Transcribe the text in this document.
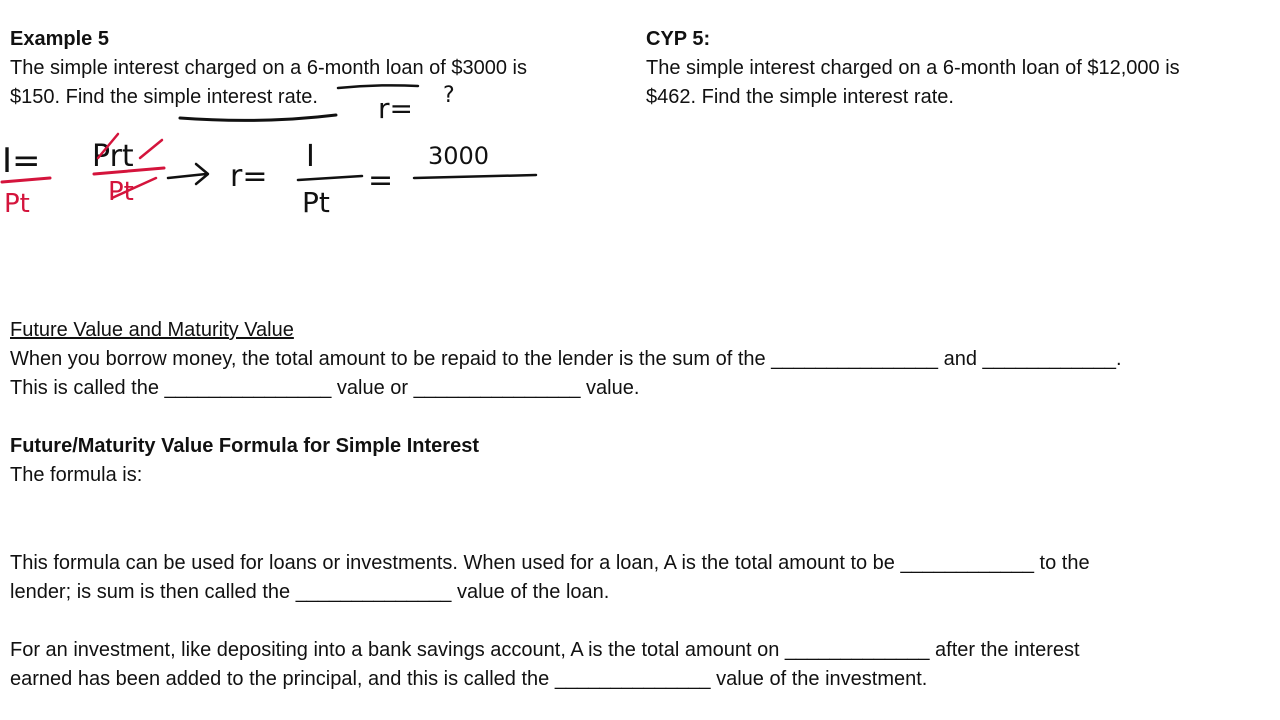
Example 5
The simple interest charged on a 6-month loan of $3000 is
$150. Find the simple interest rate.
CYP 5:
The simple interest charged on a 6-month loan of $12,000 is
$462. Find the simple interest rate.
r= ?
I= Prt
Pt	Pt	r=
I
Pt
=
3000
Future Value and Maturity Value
When you borrow money, the total amount to be repaid to the lender is the sum of the _______________ and ____________.
This is called the _______________ value or _______________ value.
Future/Maturity Value Formula for Simple Interest
The formula is:
This formula can be used for loans or investments. When used for a loan, A is the total amount to be ____________ to the
lender; is sum is then called the ______________ value of the loan.
For an investment, like depositing into a bank savings account, A is the total amount on _____________ after the interest
earned has been added to the principal, and this is called the ______________ value of the investment.
